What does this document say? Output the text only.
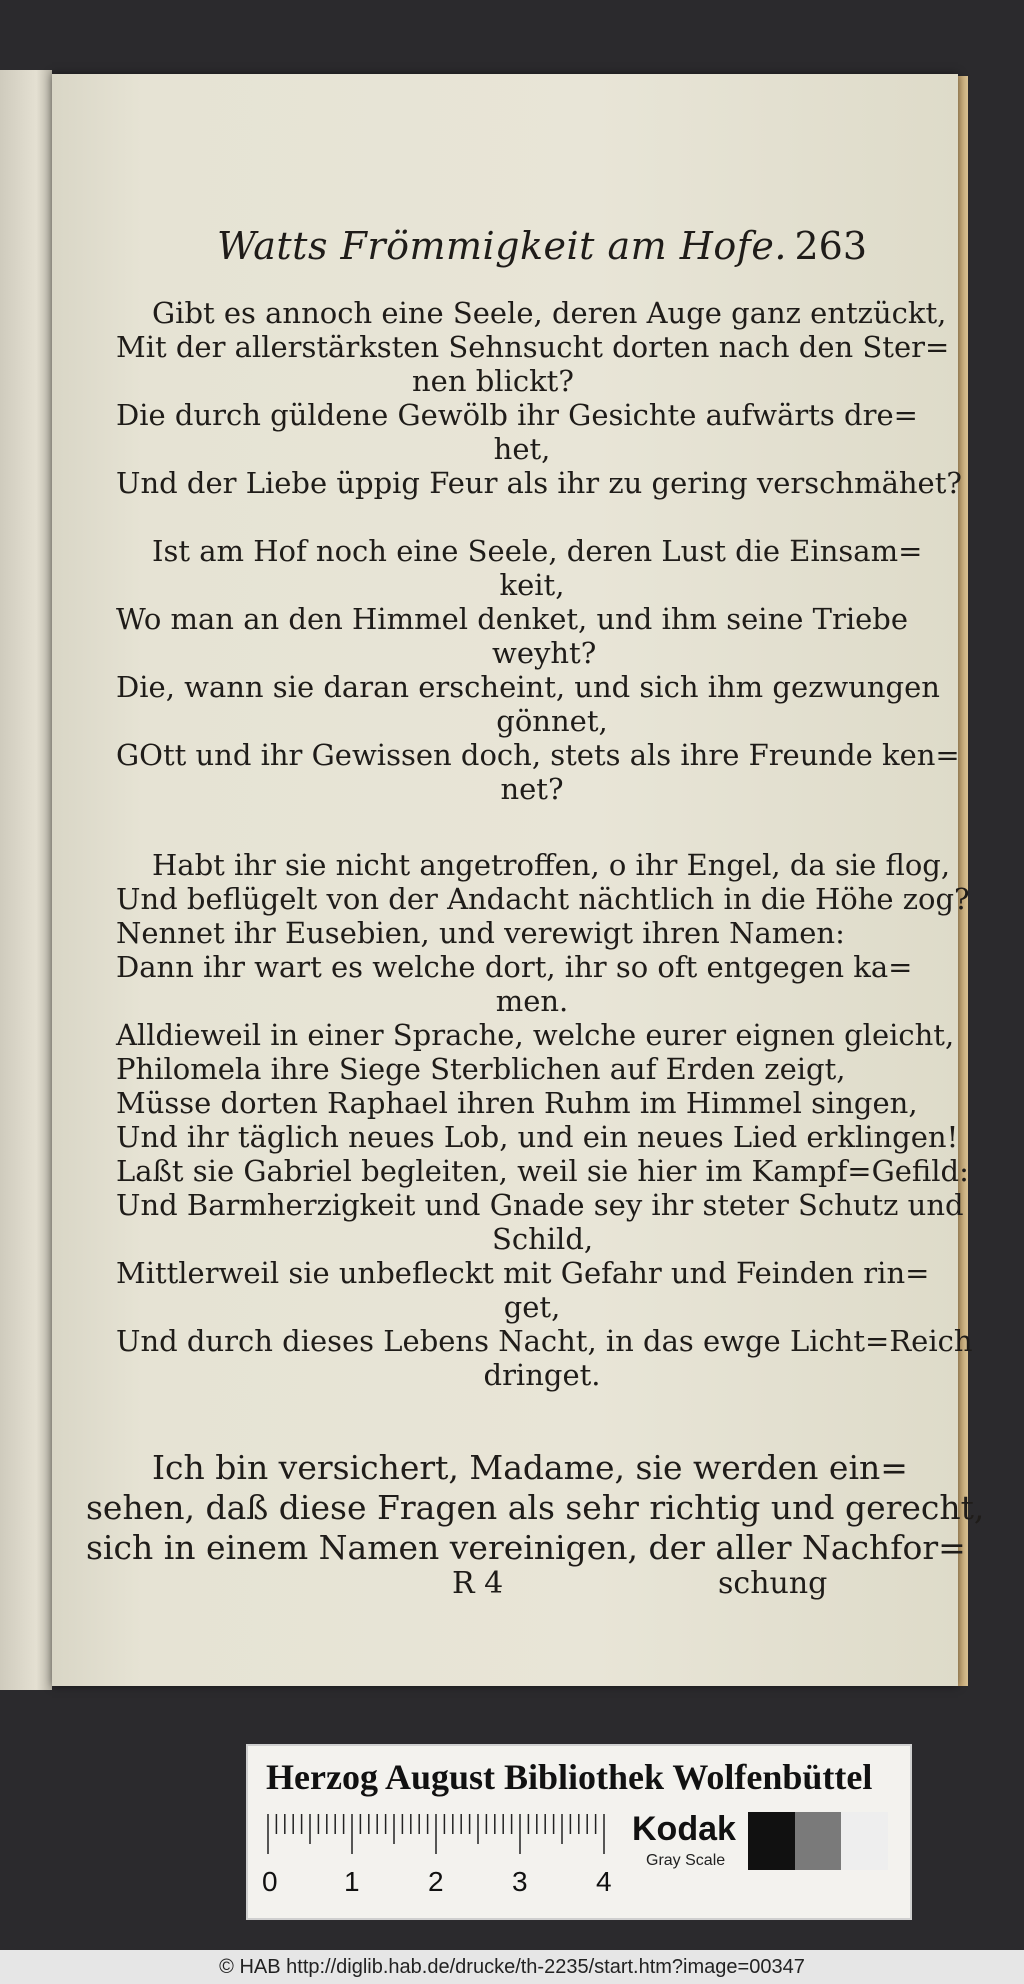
Watts Frömmigkeit am Hofe. 263
Gibt es annoch eine Seele, deren Auge ganz entzückt,
Mit der allerstärksten Sehnsucht dorten nach den Ster=
nen blickt?
Die durch güldene Gewölb ihr Gesichte aufwärts dre=
het,
Und der Liebe üppig Feur als ihr zu gering verschmähet?
Ist am Hof noch eine Seele, deren Lust die Einsam=
keit,
Wo man an den Himmel denket, und ihm seine Triebe
weyht?
Die, wann sie daran erscheint, und sich ihm gezwungen
gönnet,
GOtt und ihr Gewissen doch, stets als ihre Freunde ken=
net?
Habt ihr sie nicht angetroffen, o ihr Engel, da sie flog,
Und beflügelt von der Andacht nächtlich in die Höhe zog?
Nennet ihr Eusebien, und verewigt ihren Namen:
Dann ihr wart es welche dort, ihr so oft entgegen ka=
men.
Alldieweil in einer Sprache, welche eurer eignen gleicht,
Philomela ihre Siege Sterblichen auf Erden zeigt,
Müsse dorten Raphael ihren Ruhm im Himmel singen,
Und ihr täglich neues Lob, und ein neues Lied erklingen!
Laßt sie Gabriel begleiten, weil sie hier im Kampf=Gefild:
Und Barmherzigkeit und Gnade sey ihr steter Schutz und
Schild,
Mittlerweil sie unbefleckt mit Gefahr und Feinden rin=
get,
Und durch dieses Lebens Nacht, in das ewge Licht=Reich
dringet.
Ich bin versichert, Madame, sie werden ein=
sehen, daß diese Fragen als sehr richtig und gerecht,
sich in einem Namen vereinigen, der aller Nachfor=
R 4	schung
Herzog August Bibliothek Wolfenbüttel
0 1 2 3 4
Kodak
Gray Scale
© HAB http://diglib.hab.de/drucke/th-2235/start.htm?image=00347
